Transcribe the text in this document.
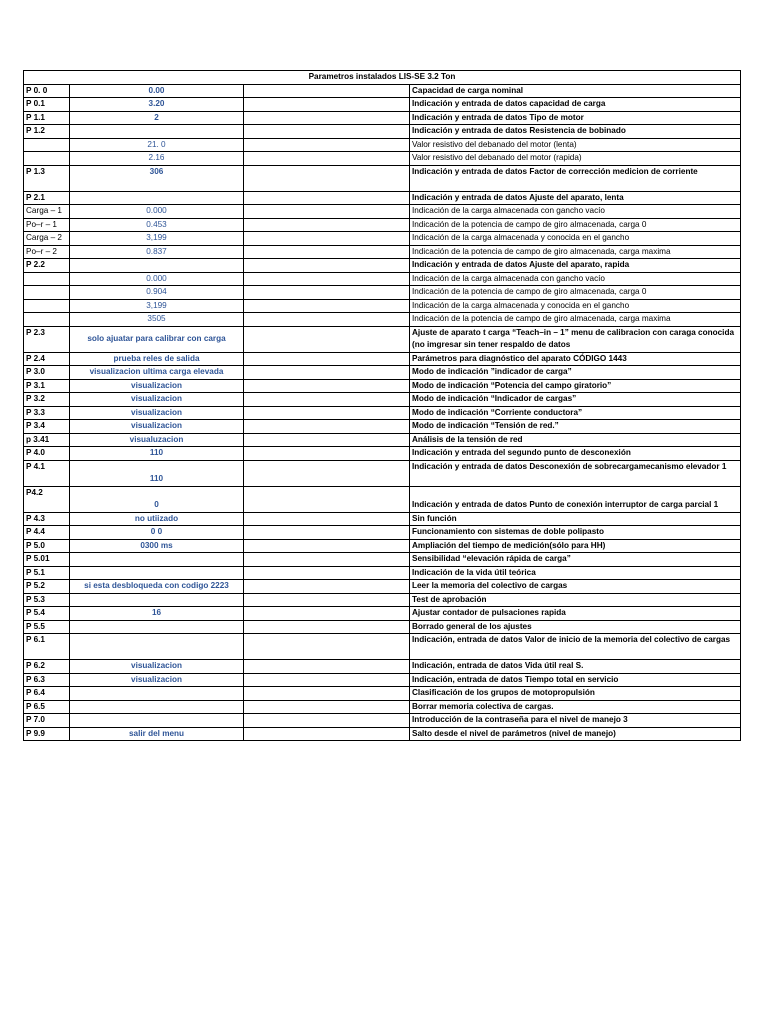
Parametros instalados LIS-SE 3.2 Ton			
P 0. 0	0.00		Capacidad de carga nominal
P 0.1	3.20		Indicación y entrada de datos capacidad de carga
P 1.1	2		Indicación y entrada de datos Tipo de motor
P 1.2			Indicación y entrada de datos Resistencia de bobinado
	21. 0		Valor resistivo del debanado del motor (lenta)
	2.16		Valor resistivo del debanado del motor (rapida)
P 1.3	306		Indicación y entrada de datos Factor de corrección medicion de corriente
P 2.1			Indicación y entrada de datos Ajuste del aparato, lenta
Carga – 1	0.000		Indicación de la carga almacenada con gancho vacío
Po–r – 1	0.453		Indicación de la potencia de campo de giro almacenada, carga 0
Carga – 2	3,199		Indicación de la carga almacenada y conocida en el gancho
Po–r – 2	0.837		Indicación de la potencia de campo de giro almacenada, carga maxima
P 2.2			Indicación y entrada de datos Ajuste del aparato, rapida
	0.000		Indicación de la carga almacenada con gancho vacío
	0.904		Indicación de la potencia de campo de giro almacenada, carga 0
	3,199		Indicación de la carga almacenada y conocida en el gancho
	3505		Indicación de la potencia de campo de giro almacenada, carga maxima
P 2.3	solo ajuatar para calibrar con carga		Ajuste de aparato t carga “Teach–in – 1” menu de calibracion con caraga conocida (no imgresar sin tener respaldo de datos
P 2.4	prueba reles de salida		Parámetros para diagnóstico del aparato CÓDIGO 1443
P 3.0	visualizacion ultima carga elevada		Modo de indicación ”indicador de carga”
P 3.1	visualizacion		Modo de indicación “Potencia del campo giratorio”
P 3.2	visualizacion		Modo de indicación “Indicador de cargas”
P 3.3	visualizacion		Modo de indicación “Corriente conductora”
P 3.4	visualizacion		Modo de indicación “Tensión de red.”
p 3.41	visualuzacion		Análisis de la tensión de red
P 4.0	110		Indicación y entrada del segundo punto de desconexión
P 4.1	110		Indicación y entrada de datos Desconexión de sobrecargamecanismo elevador 1
P4.2	0		Indicación y entrada de datos Punto de conexión interruptor de carga parcial 1
P 4.3	no utiizado		Sin función
P 4.4	0 0		Funcionamiento con sistemas de doble polipasto
P 5.0	0300 ms		Ampliación del tiempo de medición(sólo para HH)
P 5.01			Sensibilidad “elevación rápida de carga”
P 5.1			Indicación de la vida útil teórica
P 5.2	si esta desbloqueda con codigo 2223		Leer la memoria del colectivo de cargas
P 5.3			Test de aprobación
P 5.4	16		Ajustar contador de pulsaciones rapida
P 5.5			Borrado general de los ajustes
P 6.1			Indicación, entrada de datos Valor de inicio de la memoria del colectivo de cargas
P 6.2	visualizacion		Indicación, entrada de datos Vida útil real S.
P 6.3	visualizacion		Indicación, entrada de datos Tiempo total en servicio
P 6.4			Clasificación de los grupos de motopropulsión
P 6.5			Borrar memoria colectiva de cargas.
P 7.0			Introducción de la contraseña para el nivel de manejo 3
P 9.9	salir del menu		Salto desde el nivel de parámetros (nivel de manejo)
